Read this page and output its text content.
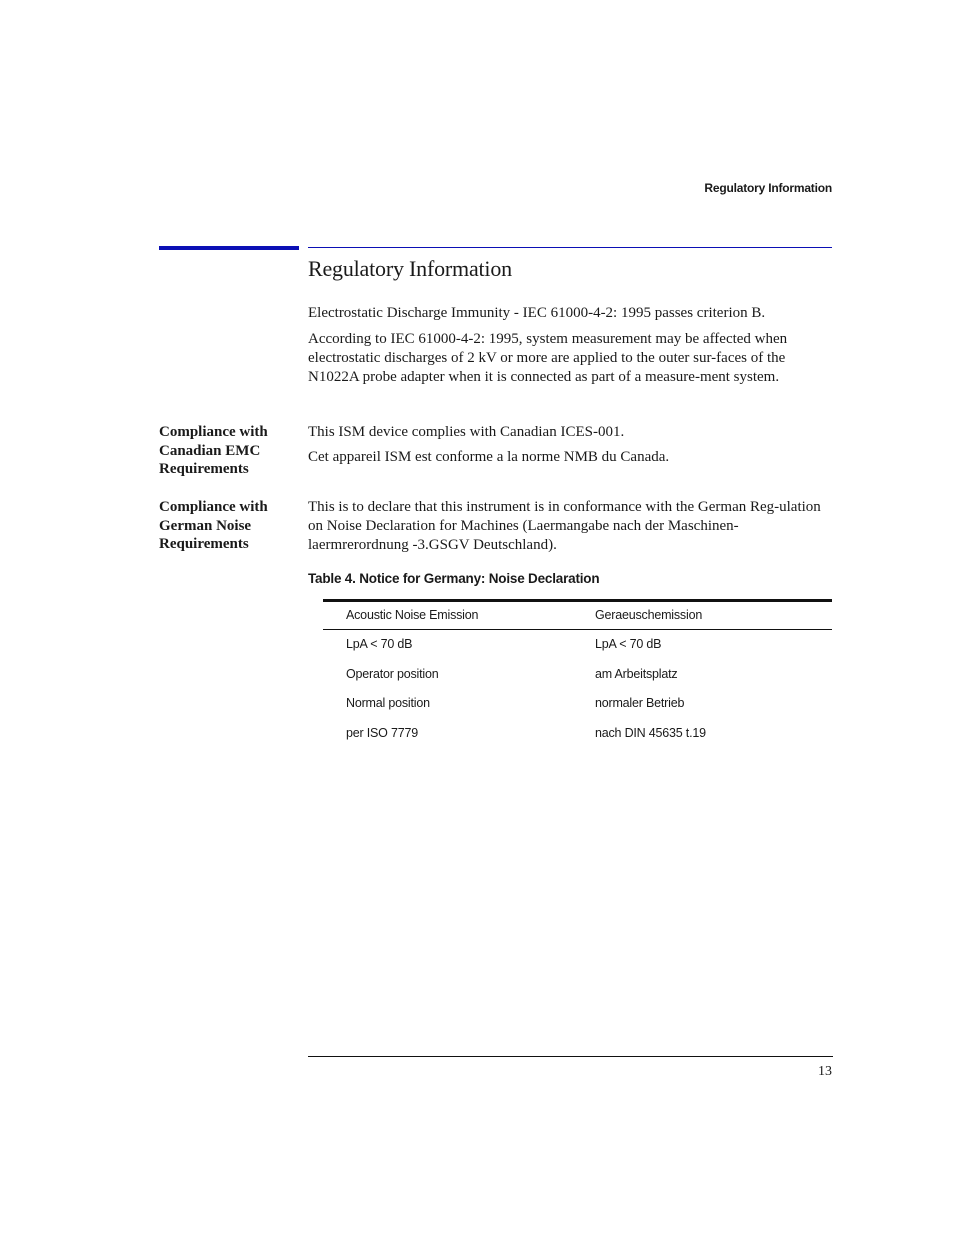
Regulatory Information
Regulatory Information

Electrostatic Discharge Immunity - IEC 61000-4-2: 1995 passes criterion B.

According to IEC 61000-4-2: 1995, system measurement may be affected when electrostatic discharges of 2 kV or more are applied to the outer sur-faces of the N1022A probe adapter when it is connected as part of a measure-ment system.

Compliance with
Canadian EMC
Requirements

This ISM device complies with Canadian ICES-001.

Cet appareil ISM est conforme a la norme NMB du Canada.

Compliance with
German Noise
Requirements

This is to declare that this instrument is in conformance with the German Reg-ulation on Noise Declaration for Machines (Laermangabe nach der Maschinen-laermrerordnung -3.GSGV Deutschland).

Table 4. Notice for Germany: Noise Declaration
Acoustic Noise Emission	Geraeuschemission
LpA < 70 dB	LpA < 70 dB
Operator position	am Arbeitsplatz
Normal position	normaler Betrieb
per ISO 7779	nach DIN 45635 t.19
13
